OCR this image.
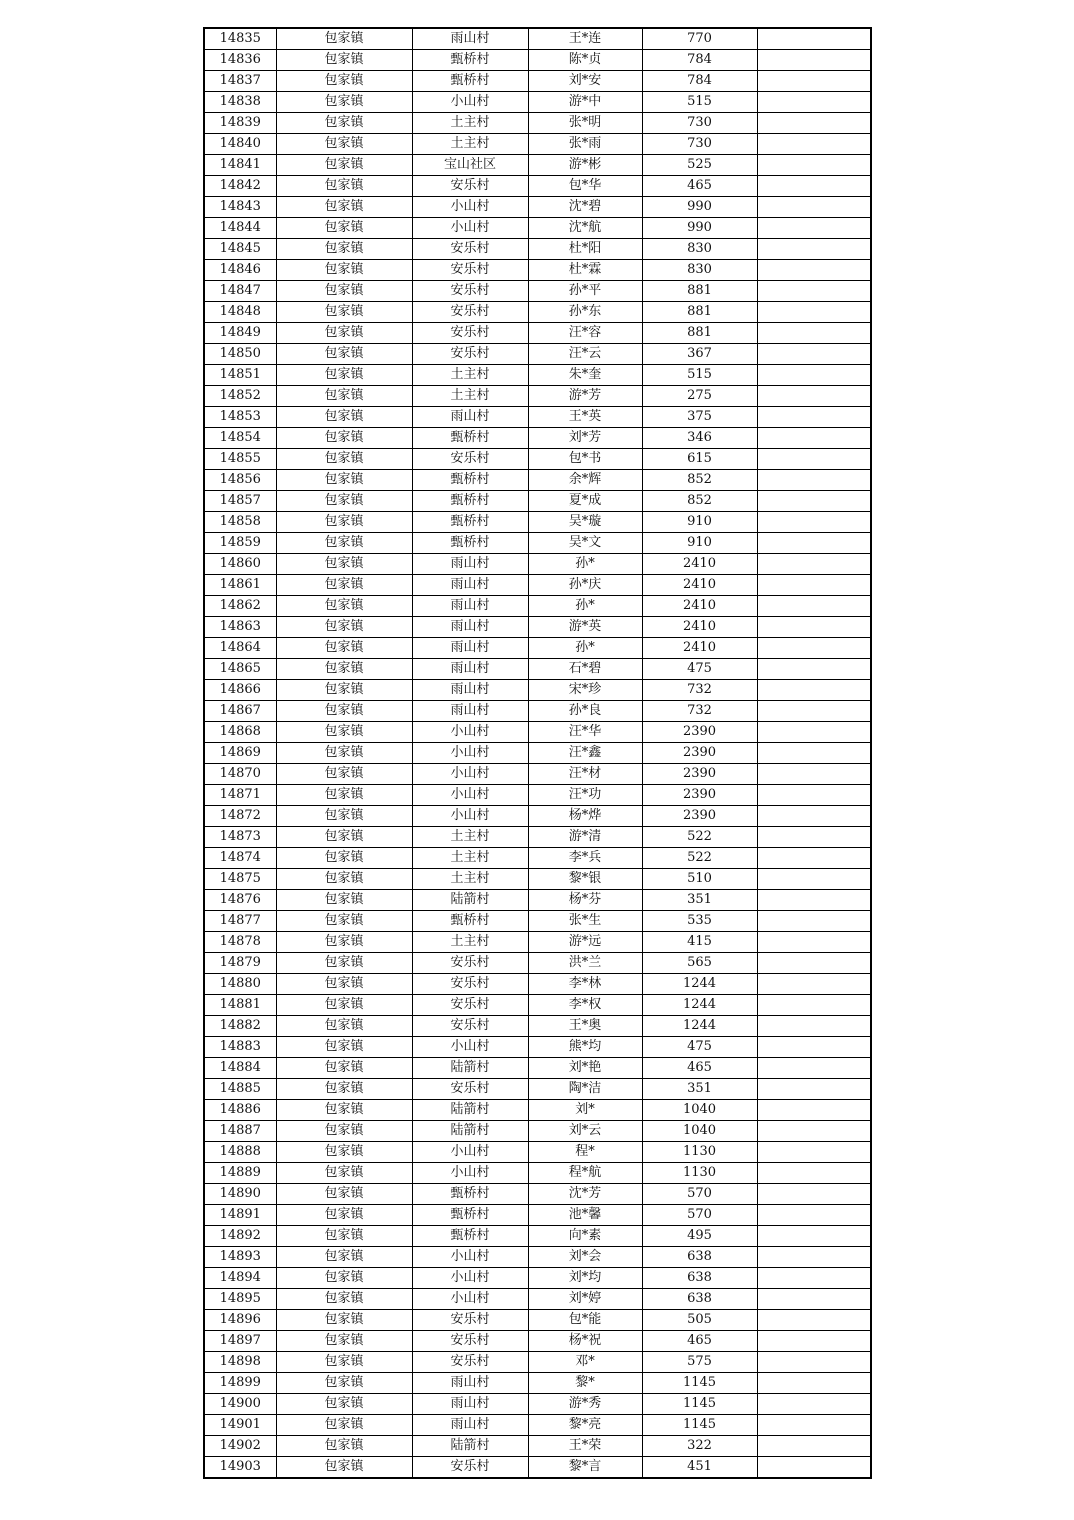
14835	包家镇	雨山村	王*连	770	
14836	包家镇	甄桥村	陈*贞	784	
14837	包家镇	甄桥村	刘*安	784	
14838	包家镇	小山村	游*中	515	
14839	包家镇	土主村	张*明	730	
14840	包家镇	土主村	张*雨	730	
14841	包家镇	宝山社区	游*彬	525	
14842	包家镇	安乐村	包*华	465	
14843	包家镇	小山村	沈*碧	990	
14844	包家镇	小山村	沈*航	990	
14845	包家镇	安乐村	杜*阳	830	
14846	包家镇	安乐村	杜*霖	830	
14847	包家镇	安乐村	孙*平	881	
14848	包家镇	安乐村	孙*东	881	
14849	包家镇	安乐村	汪*容	881	
14850	包家镇	安乐村	汪*云	367	
14851	包家镇	土主村	朱*奎	515	
14852	包家镇	土主村	游*芳	275	
14853	包家镇	雨山村	王*英	375	
14854	包家镇	甄桥村	刘*芳	346	
14855	包家镇	安乐村	包*书	615	
14856	包家镇	甄桥村	余*辉	852	
14857	包家镇	甄桥村	夏*成	852	
14858	包家镇	甄桥村	吴*璇	910	
14859	包家镇	甄桥村	吴*文	910	
14860	包家镇	雨山村	孙*	2410	
14861	包家镇	雨山村	孙*庆	2410	
14862	包家镇	雨山村	孙*	2410	
14863	包家镇	雨山村	游*英	2410	
14864	包家镇	雨山村	孙*	2410	
14865	包家镇	雨山村	石*碧	475	
14866	包家镇	雨山村	宋*珍	732	
14867	包家镇	雨山村	孙*良	732	
14868	包家镇	小山村	汪*华	2390	
14869	包家镇	小山村	汪*鑫	2390	
14870	包家镇	小山村	汪*材	2390	
14871	包家镇	小山村	汪*功	2390	
14872	包家镇	小山村	杨*烨	2390	
14873	包家镇	土主村	游*清	522	
14874	包家镇	土主村	李*兵	522	
14875	包家镇	土主村	黎*银	510	
14876	包家镇	陆箭村	杨*芬	351	
14877	包家镇	甄桥村	张*生	535	
14878	包家镇	土主村	游*远	415	
14879	包家镇	安乐村	洪*兰	565	
14880	包家镇	安乐村	李*林	1244	
14881	包家镇	安乐村	李*权	1244	
14882	包家镇	安乐村	王*奥	1244	
14883	包家镇	小山村	熊*均	475	
14884	包家镇	陆箭村	刘*艳	465	
14885	包家镇	安乐村	陶*洁	351	
14886	包家镇	陆箭村	刘*	1040	
14887	包家镇	陆箭村	刘*云	1040	
14888	包家镇	小山村	程*	1130	
14889	包家镇	小山村	程*航	1130	
14890	包家镇	甄桥村	沈*芳	570	
14891	包家镇	甄桥村	池*馨	570	
14892	包家镇	甄桥村	向*素	495	
14893	包家镇	小山村	刘*会	638	
14894	包家镇	小山村	刘*均	638	
14895	包家镇	小山村	刘*婷	638	
14896	包家镇	安乐村	包*能	505	
14897	包家镇	安乐村	杨*祝	465	
14898	包家镇	安乐村	邓*	575	
14899	包家镇	雨山村	黎*	1145	
14900	包家镇	雨山村	游*秀	1145	
14901	包家镇	雨山村	黎*亮	1145	
14902	包家镇	陆箭村	王*荣	322	
14903	包家镇	安乐村	黎*言	451	
